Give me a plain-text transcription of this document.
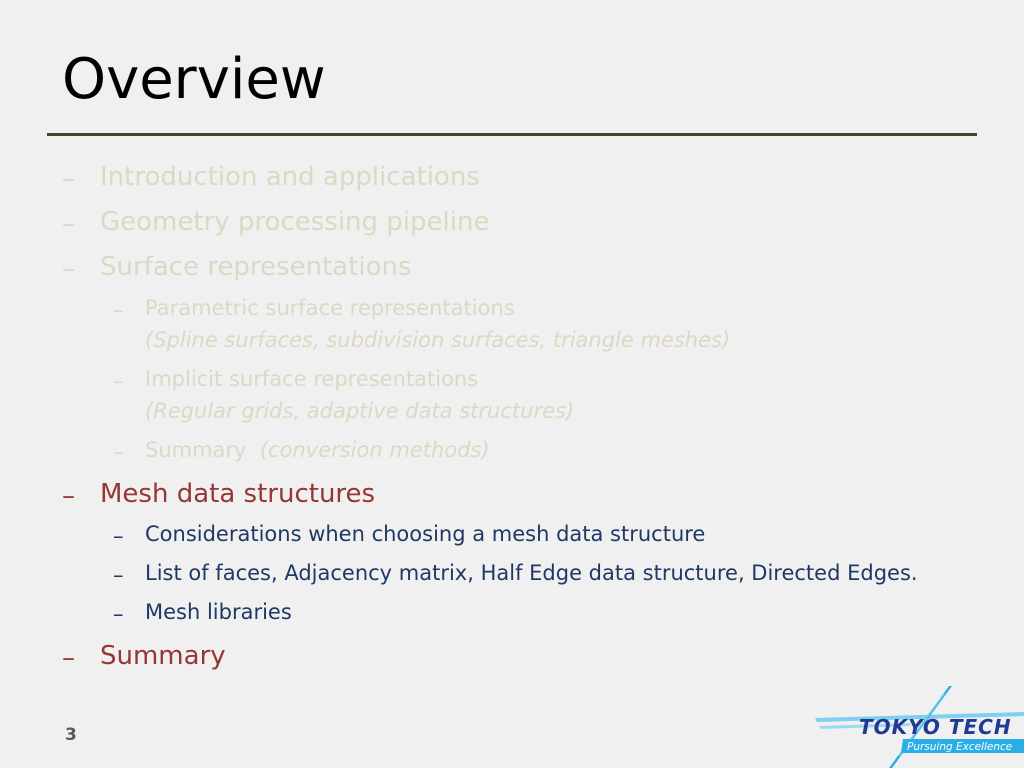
Overview
– Introduction and applications
– Geometry processing pipeline
– Surface representations
– Parametric surface representations
(Spline surfaces, subdivision surfaces, triangle meshes)
– Implicit surface representations
(Regular grids, adaptive data structures)
– Summary (conversion methods)
– Mesh data structures
– Considerations when choosing a mesh data structure
– List of faces, Adjacency matrix, Half Edge data structure, Directed Edges.
– Mesh libraries
– Summary
3	TOKYO TECH
Pursuing Excellence
